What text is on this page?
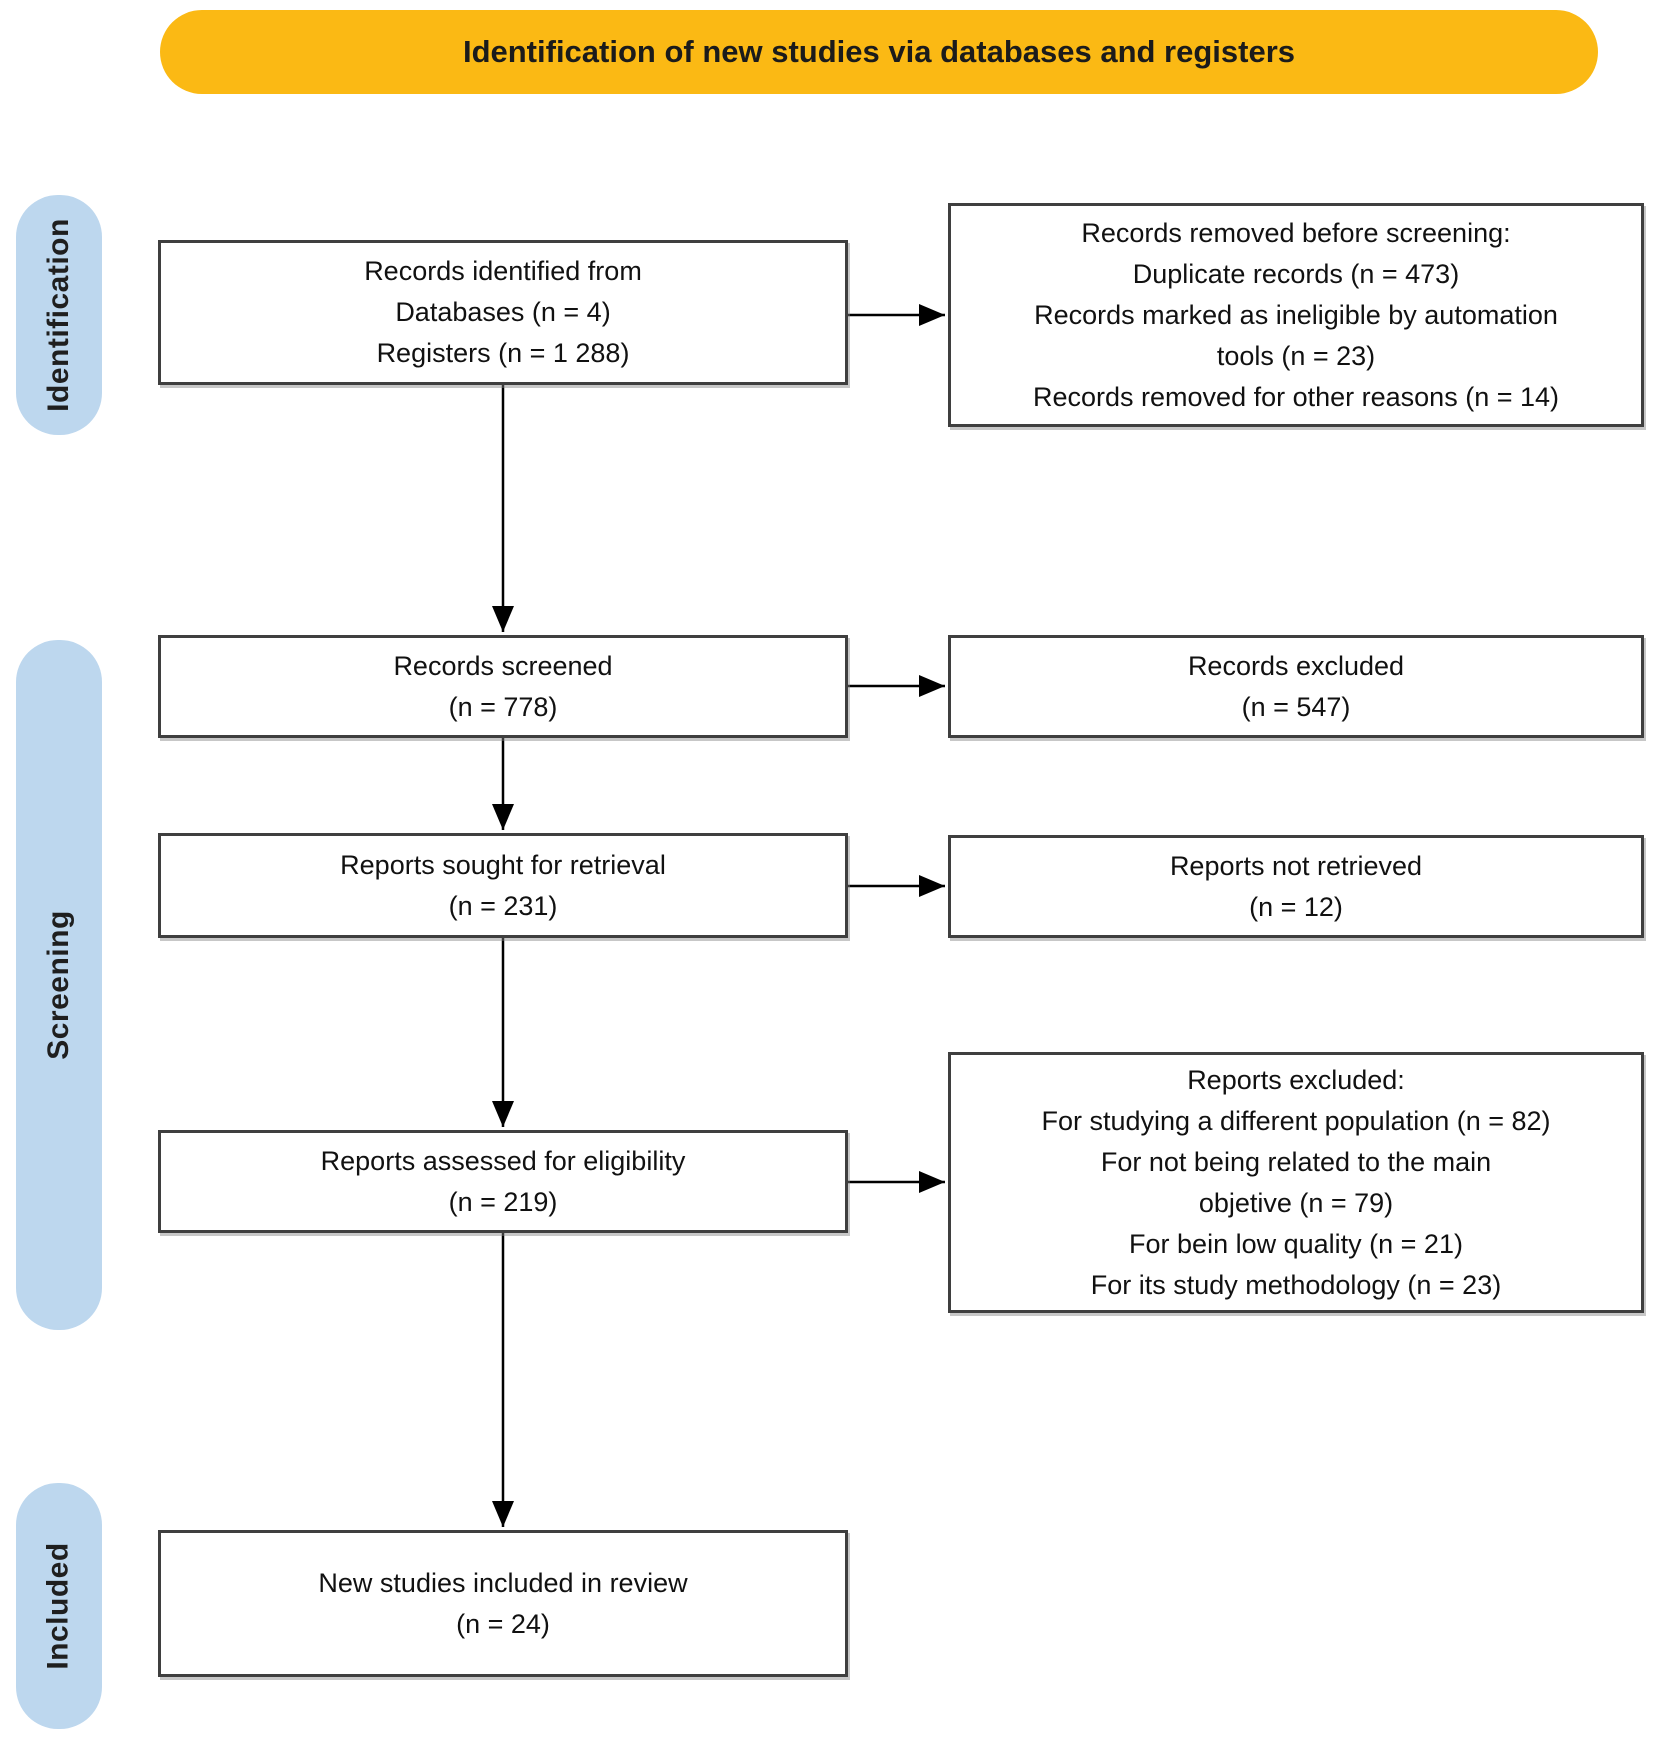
Identification of new studies via databases and registers
Identification
Screening
Included
Records identified from
Databases (n = 4)
Registers (n = 1 288)
Records removed before screening:
Duplicate records (n = 473)
Records marked as ineligible by automation
tools (n = 23)
Records removed for other reasons (n = 14)
Records screened
(n = 778)
Records excluded
(n = 547)
Reports sought for retrieval
(n = 231)
Reports not retrieved
(n = 12)
Reports assessed for eligibility
(n = 219)
Reports excluded:
For studying a different population (n = 82)
For not being related to the main
objetive (n = 79)
For bein low quality (n = 21)
For its study methodology (n = 23)
New studies included in review
(n = 24)
